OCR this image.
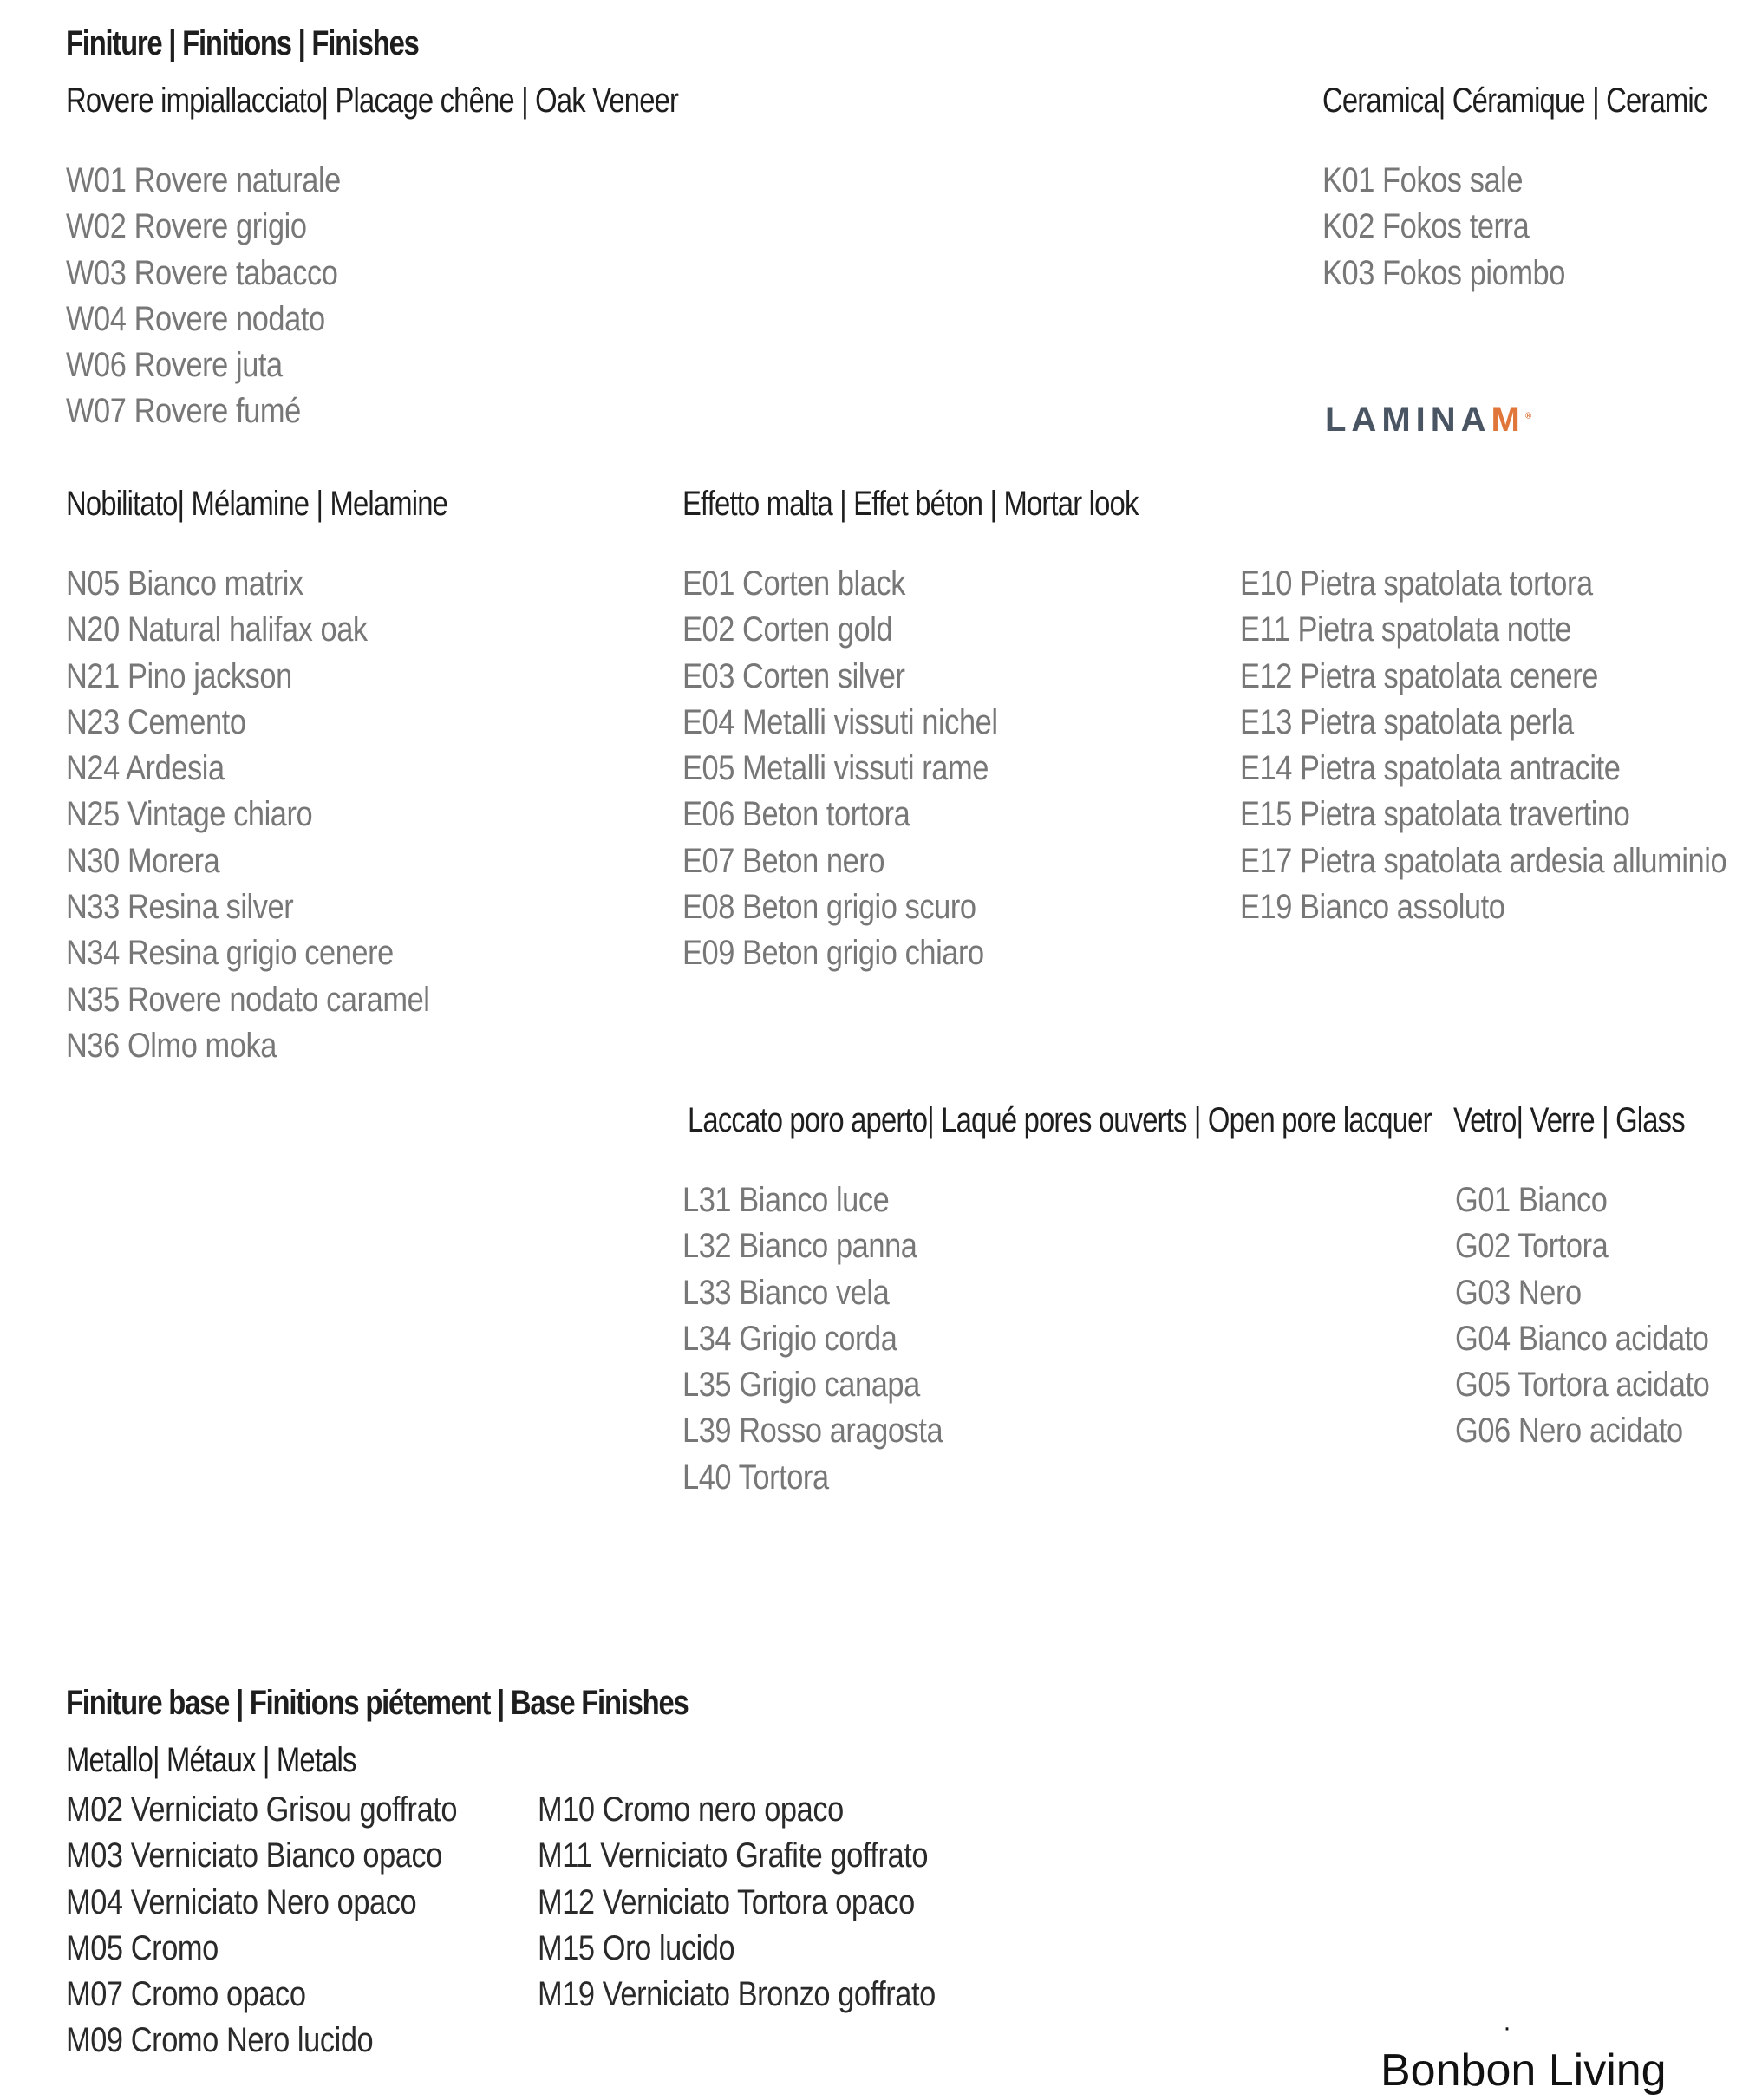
Finiture | Finitions | Finishes
Rovere impiallacciato| Placage chêne | Oak Veneer	Ceramica| Céramique | Ceramic
W01 Rovere naturale
W02 Rovere grigio
W03 Rovere tabacco
W04 Rovere nodato
W06 Rovere juta
W07 Rovere fumé
K01 Fokos sale
K02 Fokos terra
K03 Fokos piombo
LAMINAM®
Nobilitato| Mélamine | Melamine
N05 Bianco matrix
N20 Natural halifax oak
N21 Pino jackson
N23 Cemento
N24 Ardesia
N25 Vintage chiaro
N30 Morera
N33 Resina silver
N34 Resina grigio cenere
N35 Rovere nodato caramel
N36 Olmo moka
Effetto malta | Effet béton | Mortar look
E01 Corten black
E02 Corten gold
E03 Corten silver
E04 Metalli vissuti nichel
E05 Metalli vissuti rame
E06 Beton tortora
E07 Beton nero
E08 Beton grigio scuro
E09 Beton grigio chiaro
E10 Pietra spatolata tortora
E11 Pietra spatolata notte
E12 Pietra spatolata cenere
E13 Pietra spatolata perla
E14 Pietra spatolata antracite
E15 Pietra spatolata travertino
E17 Pietra spatolata ardesia alluminio
E19 Bianco assoluto
Laccato poro aperto| Laqué pores ouverts | Open pore lacquer
L31 Bianco luce
L32 Bianco panna
L33 Bianco vela
L34 Grigio corda
L35 Grigio canapa
L39 Rosso aragosta
L40 Tortora
Vetro| Verre | Glass
G01 Bianco
G02 Tortora
G03 Nero
G04 Bianco acidato
G05 Tortora acidato
G06 Nero acidato
Finiture base | Finitions piétement | Base Finishes
Metallo| Métaux | Metals
M02 Verniciato Grisou goffrato
M03 Verniciato Bianco opaco
M04 Verniciato Nero opaco
M05 Cromo
M07 Cromo opaco
M09 Cromo Nero lucido
M10 Cromo nero opaco
M11 Verniciato Grafite goffrato
M12 Verniciato Tortora opaco
M15 Oro lucido
M19 Verniciato Bronzo goffrato
·
Bonbon Living
